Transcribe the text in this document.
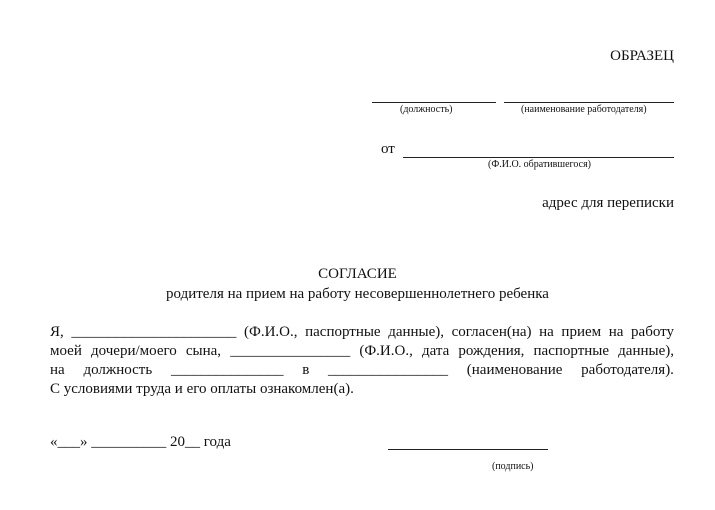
ОБРАЗЕЦ
(должность)	(наименование работодателя)
от
(Ф.И.О. обратившегося)
адрес для переписки
СОГЛАСИЕ
родителя на прием на работу несовершеннолетнего ребенка
Я, ______________________ (Ф.И.О., паспортные данные), согласен(на) на прием на работу
моей дочери/моего сына, ________________ (Ф.И.О., дата рождения, паспортные данные),
на должность _______________ в ________________ (наименование работодателя).
С условиями труда и его оплаты ознакомлен(а).
«___» __________ 20__ года
(подпись)
